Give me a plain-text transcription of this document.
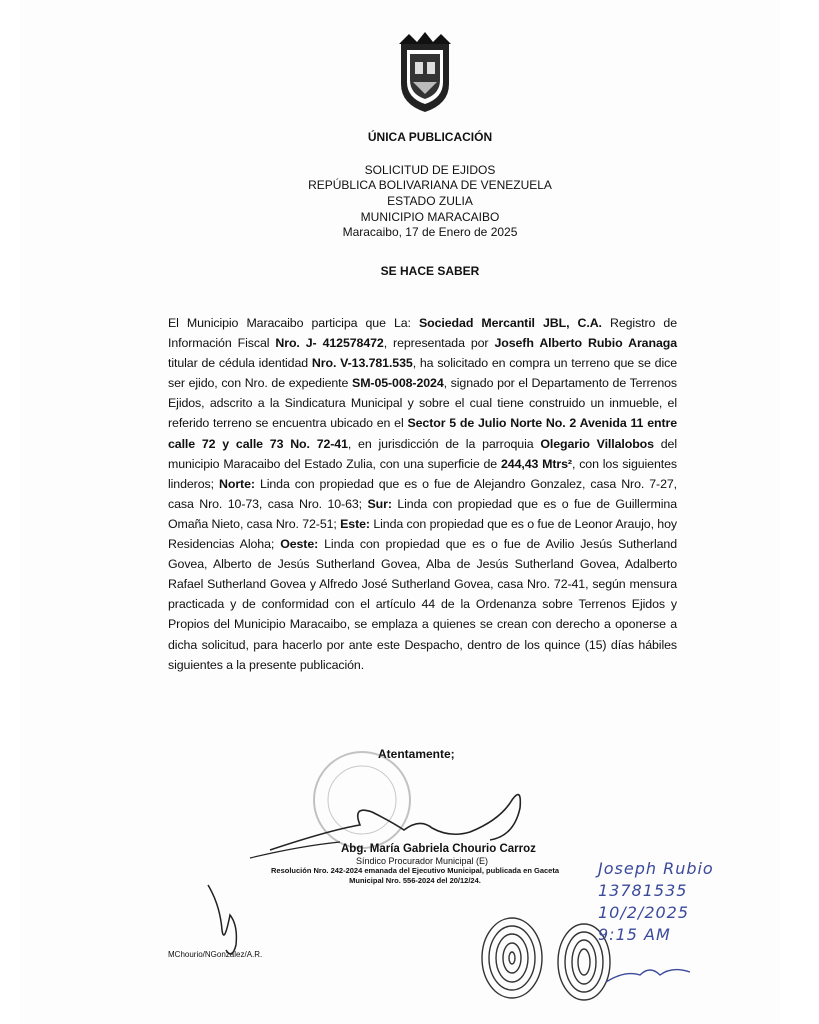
ÚNICA PUBLICACIÓN
SOLICITUD DE EJIDOS
REPÚBLICA BOLIVARIANA DE VENEZUELA
ESTADO ZULIA
MUNICIPIO MARACAIBO
Maracaibo, 17 de Enero de 2025
SE HACE SABER

El Municipio Maracaibo participa que La: Sociedad Mercantil JBL, C.A. Registro de Información Fiscal Nro. J- 412578472, representada por Josefh Alberto Rubio Aranaga titular de cédula identidad Nro. V-13.781.535, ha solicitado en compra un terreno que se dice ser ejido, con Nro. de expediente SM-05-008-2024, signado por el Departamento de Terrenos Ejidos, adscrito a la Sindicatura Municipal y sobre el cual tiene construido un inmueble, el referido terreno se encuentra ubicado en el Sector 5 de Julio Norte No. 2 Avenida 11 entre calle 72 y calle 73 No. 72-41, en jurisdicción de la parroquia Olegario Villalobos del municipio Maracaibo del Estado Zulia, con una superficie de 244,43 Mtrs², con los siguientes linderos; Norte: Linda con propiedad que es o fue de Alejandro Gonzalez, casa Nro. 7-27, casa Nro. 10-73, casa Nro. 10-63; Sur: Linda con propiedad que es o fue de Guillermina Omaña Nieto, casa Nro. 72-51; Este: Linda con propiedad que es o fue de Leonor Araujo, hoy Residencias Aloha; Oeste: Linda con propiedad que es o fue de Avilio Jesús Sutherland Govea, Alberto de Jesús Sutherland Govea, Alba de Jesús Sutherland Govea, Adalberto Rafael Sutherland Govea y Alfredo José Sutherland Govea, casa Nro. 72-41, según mensura practicada y de conformidad con el artículo 44 de la Ordenanza sobre Terrenos Ejidos y Propios del Municipio Maracaibo, se emplaza a quienes se crean con derecho a oponerse a dicha solicitud, para hacerlo por ante este Despacho, dentro de los quince (15) días hábiles siguientes a la presente publicación.

Atentamente;
Abg. María Gabriela Chourio Carroz
Síndico Procurador Municipal (E)
Resolución Nro. 242-2024 emanada del Ejecutivo Municipal, publicada en Gaceta Municipal Nro. 556-2024 del 20/12/24.
MChourio/NGonzalez/A.R.
Joseph Rubio
13781535
10/2/2025
9:15 AM
